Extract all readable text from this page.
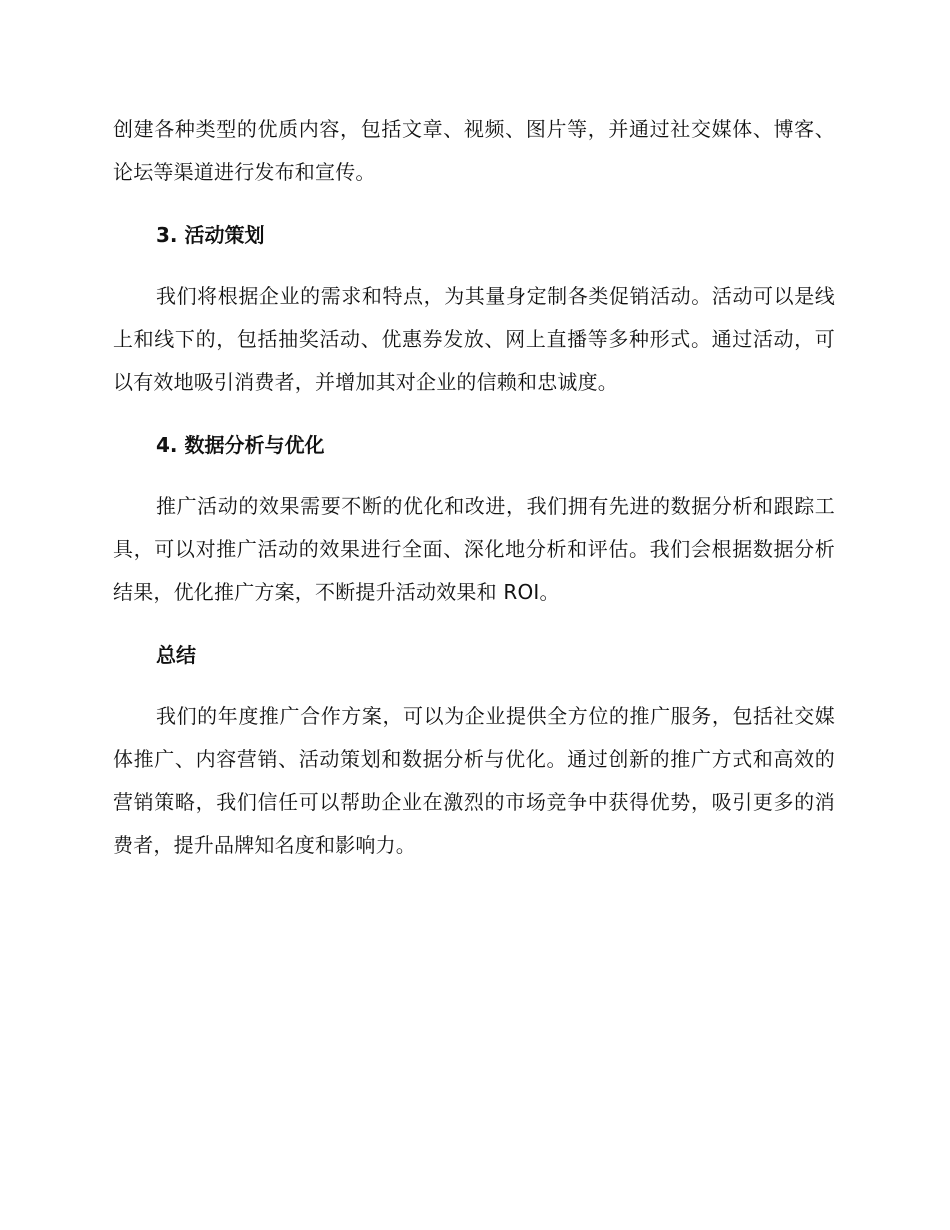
创建各种类型的优质内容，包括文章、视频、图片等，并通过社交媒体、博客、论坛等渠道进行发布和宣传。

3. 活动策划

我们将根据企业的需求和特点，为其量身定制各类促销活动。活动可以是线上和线下的，包括抽奖活动、优惠券发放、网上直播等多种形式。通过活动，可以有效地吸引消费者，并增加其对企业的信赖和忠诚度。

4. 数据分析与优化

推广活动的效果需要不断的优化和改进，我们拥有先进的数据分析和跟踪工具，可以对推广活动的效果进行全面、深化地分析和评估。我们会根据数据分析结果，优化推广方案，不断提升活动效果和 ROI。

总结

我们的年度推广合作方案，可以为企业提供全方位的推广服务，包括社交媒体推广、内容营销、活动策划和数据分析与优化。通过创新的推广方式和高效的营销策略，我们信任可以帮助企业在激烈的市场竞争中获得优势，吸引更多的消费者，提升品牌知名度和影响力。
